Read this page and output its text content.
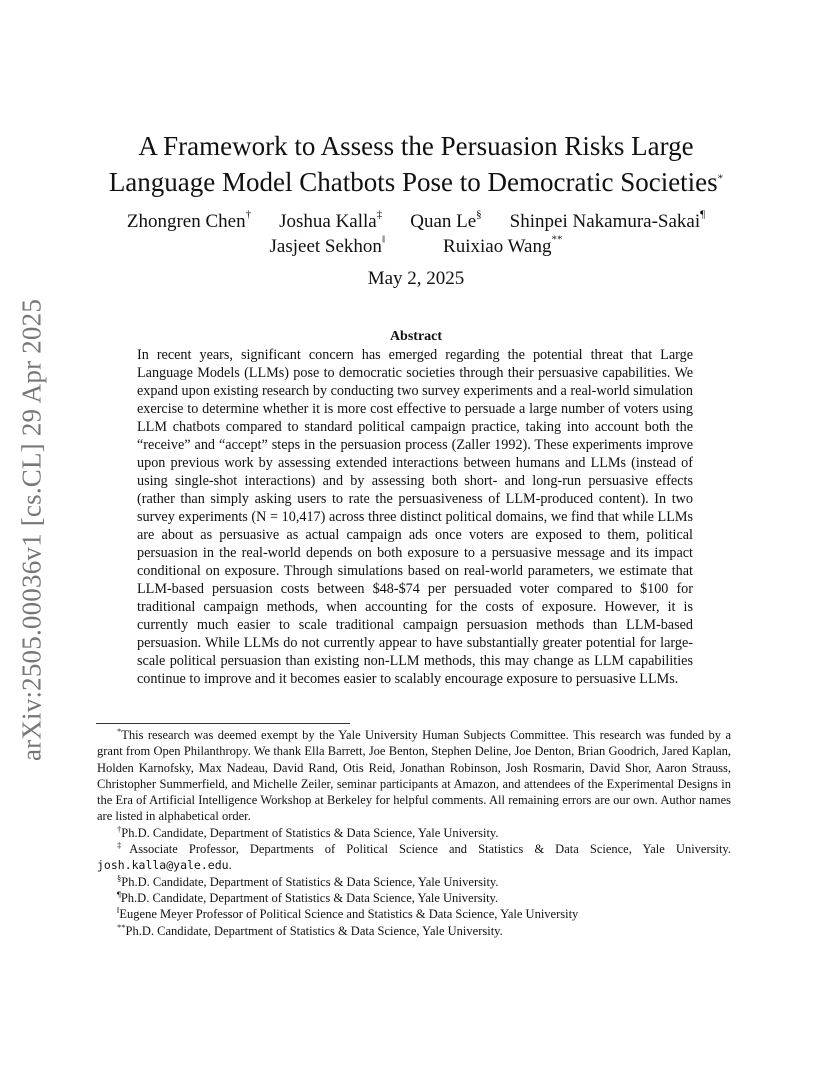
arXiv:2505.00036v1 [cs.CL] 29 Apr 2025
A Framework to Assess the Persuasion Risks Large
Language Model Chatbots Pose to Democratic Societies*
Zhongren Chen† Joshua Kalla‡ Quan Le§ Shinpei Nakamura-Sakai¶
Jasjeet Sekhon‖	Ruixiao Wang**
May 2, 2025
Abstract

In recent years, significant concern has emerged regarding the potential threat that Large Language Models (LLMs) pose to democratic societies through their persuasive capabilities. We expand upon existing research by conducting two survey experiments and a real-world simulation exercise to determine whether it is more cost effective to persuade a large number of voters using LLM chatbots compared to standard political campaign practice, taking into account both the “receive” and “accept” steps in the persuasion process (Zaller 1992). These experiments improve upon previous work by assessing extended interactions between humans and LLMs (instead of using single-shot interactions) and by assessing both short- and long-run persuasive effects (rather than simply asking users to rate the persuasiveness of LLM-produced content). In two survey experiments (N = 10,417) across three distinct political domains, we find that while LLMs are about as persuasive as actual campaign ads once voters are exposed to them, political persuasion in the real-world depends on both exposure to a persuasive message and its impact conditional on exposure. Through simulations based on real-world parameters, we estimate that LLM-based persuasion costs between $48-$74 per persuaded voter compared to $100 for traditional campaign methods, when accounting for the costs of exposure. However, it is currently much easier to scale traditional campaign persuasion methods than LLM-based persuasion. While LLMs do not currently appear to have substantially greater potential for large-scale political persuasion than existing non-LLM methods, this may change as LLM capabilities continue to improve and it becomes easier to scalably encourage exposure to persuasive LLMs.

*This research was deemed exempt by the Yale University Human Subjects Committee. This research was funded by a grant from Open Philanthropy. We thank Ella Barrett, Joe Benton, Stephen Deline, Joe Denton, Brian Goodrich, Jared Kaplan, Holden Karnofsky, Max Nadeau, David Rand, Otis Reid, Jonathan Robinson, Josh Rosmarin, David Shor, Aaron Strauss, Christopher Summerfield, and Michelle Zeiler, seminar participants at Amazon, and attendees of the Experimental Designs in the Era of Artificial Intelligence Workshop at Berkeley for helpful comments. All remaining errors are our own. Author names are listed in alphabetical order.

†Ph.D. Candidate, Department of Statistics & Data Science, Yale University.

‡Associate Professor, Departments of Political Science and Statistics & Data Science, Yale University. josh.kalla@yale.edu.

§Ph.D. Candidate, Department of Statistics & Data Science, Yale University.

¶Ph.D. Candidate, Department of Statistics & Data Science, Yale University.

‖Eugene Meyer Professor of Political Science and Statistics & Data Science, Yale University

**Ph.D. Candidate, Department of Statistics & Data Science, Yale University.
